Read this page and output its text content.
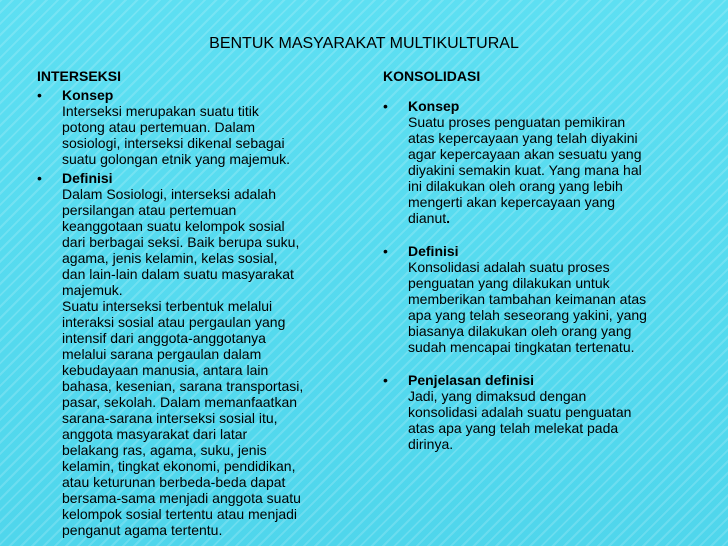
BENTUK MASYARAKAT MULTIKULTURAL
INTERSEKSI
• Konsep
Interseksi merupakan suatu titik
potong atau pertemuan. Dalam
sosiologi, interseksi dikenal sebagai
suatu golongan etnik yang majemuk.
• Definisi
Dalam Sosiologi, interseksi adalah
persilangan atau pertemuan
keanggotaan suatu kelompok sosial
dari berbagai seksi. Baik berupa suku,
agama, jenis kelamin, kelas sosial,
dan lain-lain dalam suatu masyarakat
majemuk.
Suatu interseksi terbentuk melalui
interaksi sosial atau pergaulan yang
intensif dari anggota-anggotanya
melalui sarana pergaulan dalam
kebudayaan manusia, antara lain
bahasa, kesenian, sarana transportasi,
pasar, sekolah. Dalam memanfaatkan
sarana-sarana interseksi sosial itu,
anggota masyarakat dari latar
belakang ras, agama, suku, jenis
kelamin, tingkat ekonomi, pendidikan,
atau keturunan berbeda-beda dapat
bersama-sama menjadi anggota suatu
kelompok sosial tertentu atau menjadi
penganut agama tertentu.
KONSOLIDASI
• Konsep
Suatu proses penguatan pemikiran
atas kepercayaan yang telah diyakini
agar kepercayaan akan sesuatu yang
diyakini semakin kuat. Yang mana hal
ini dilakukan oleh orang yang lebih
mengerti akan kepercayaan yang
dianut.
• Definisi
Konsolidasi adalah suatu proses
penguatan yang dilakukan untuk
memberikan tambahan keimanan atas
apa yang telah seseorang yakini, yang
biasanya dilakukan oleh orang yang
sudah mencapai tingkatan tertenatu.
• Penjelasan definisi
Jadi, yang dimaksud dengan
konsolidasi adalah suatu penguatan
atas apa yang telah melekat pada
dirinya.
